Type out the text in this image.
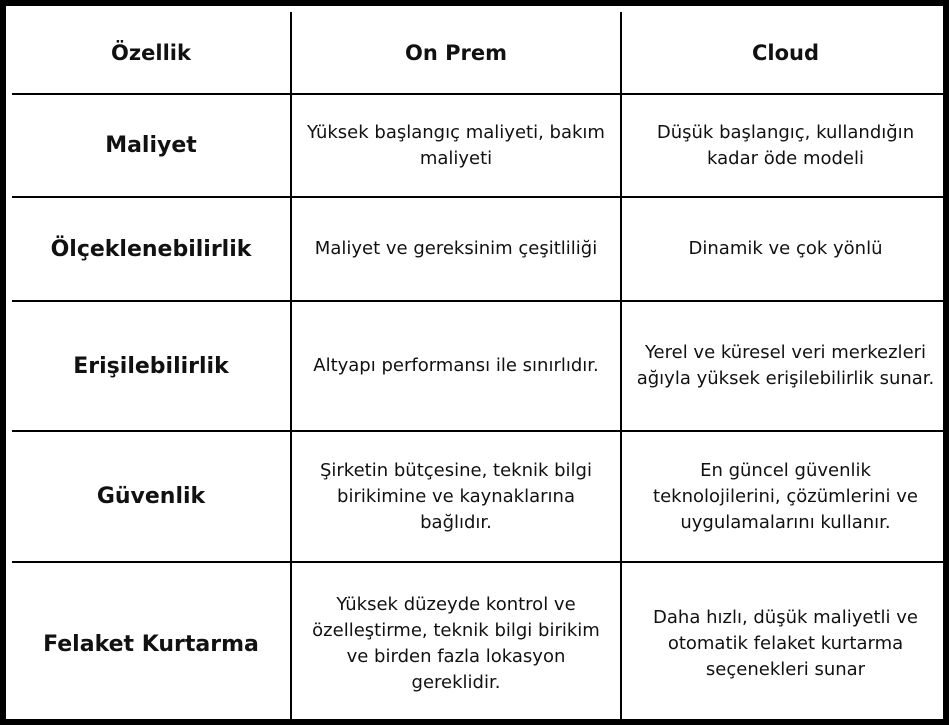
Özellik	On Prem	Cloud
Maliyet	Yüksek başlangıç maliyeti, bakım maliyeti	Düşük başlangıç, kullandığın kadar öde modeli
Ölçeklenebilirlik	Maliyet ve gereksinim çeşitliliği	Dinamik ve çok yönlü
Erişilebilirlik	Altyapı performansı ile sınırlıdır.	Yerel ve küresel veri merkezleri ağıyla yüksek erişilebilirlik sunar.
Güvenlik	Şirketin bütçesine, teknik bilgi birikimine ve kaynaklarına bağlıdır.	En güncel güvenlik teknolojilerini, çözümlerini ve uygulamalarını kullanır.
Felaket Kurtarma	Yüksek düzeyde kontrol ve özelleştirme, teknik bilgi birikim ve birden fazla lokasyon gereklidir.	Daha hızlı, düşük maliyetli ve otomatik felaket kurtarma seçenekleri sunar
